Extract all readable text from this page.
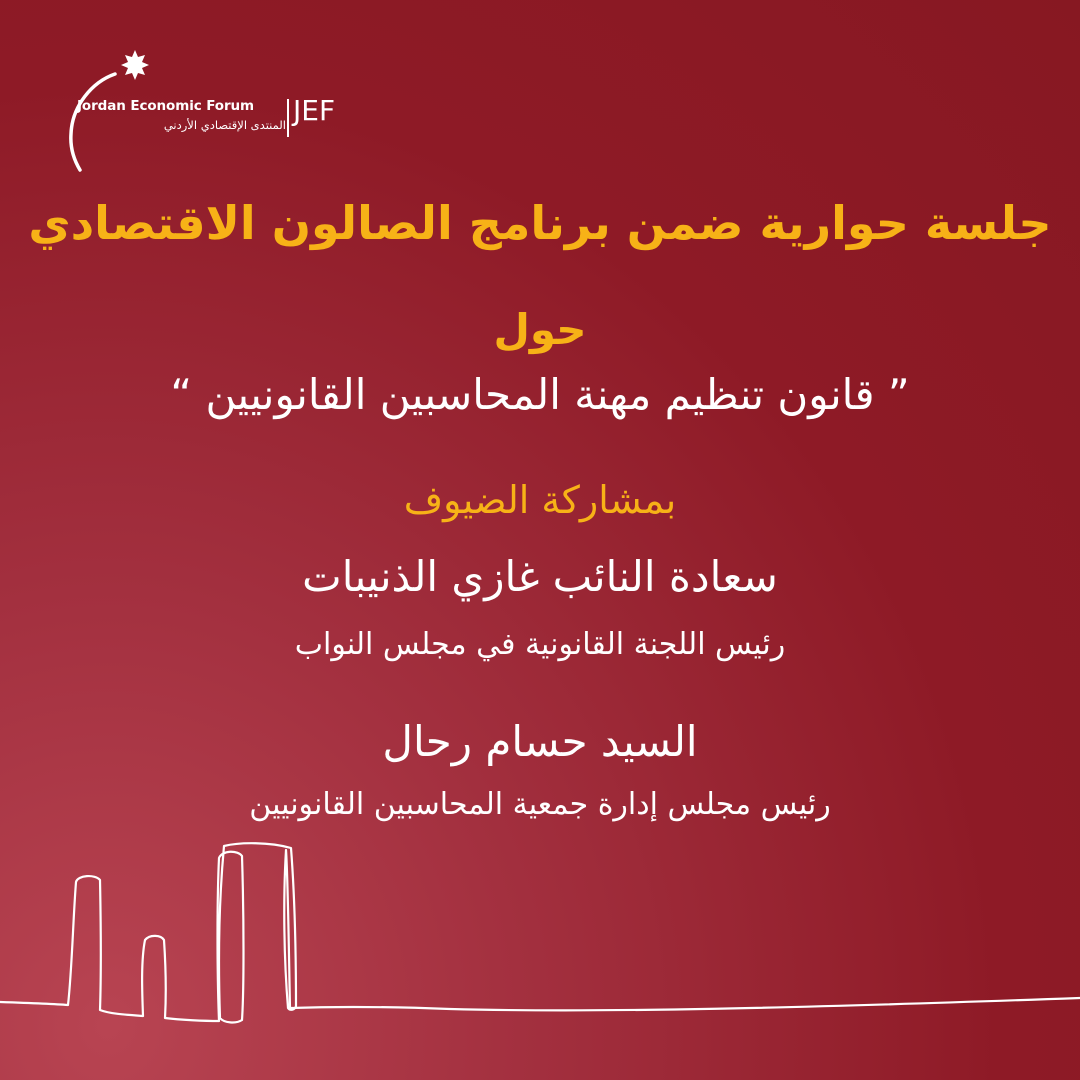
Jordan Economic Forum
المنتدى الإقتصادي الأردني JEF
جلسة حوارية ضمن برنامج الصالون الاقتصادي
حول
” قانون تنظيم مهنة المحاسبين القانونيين “
بمشاركة الضيوف
سعادة النائب غازي الذنيبات
رئيس اللجنة القانونية في مجلس النواب
السيد حسام رحال
رئيس مجلس إدارة جمعية المحاسبين القانونيين
